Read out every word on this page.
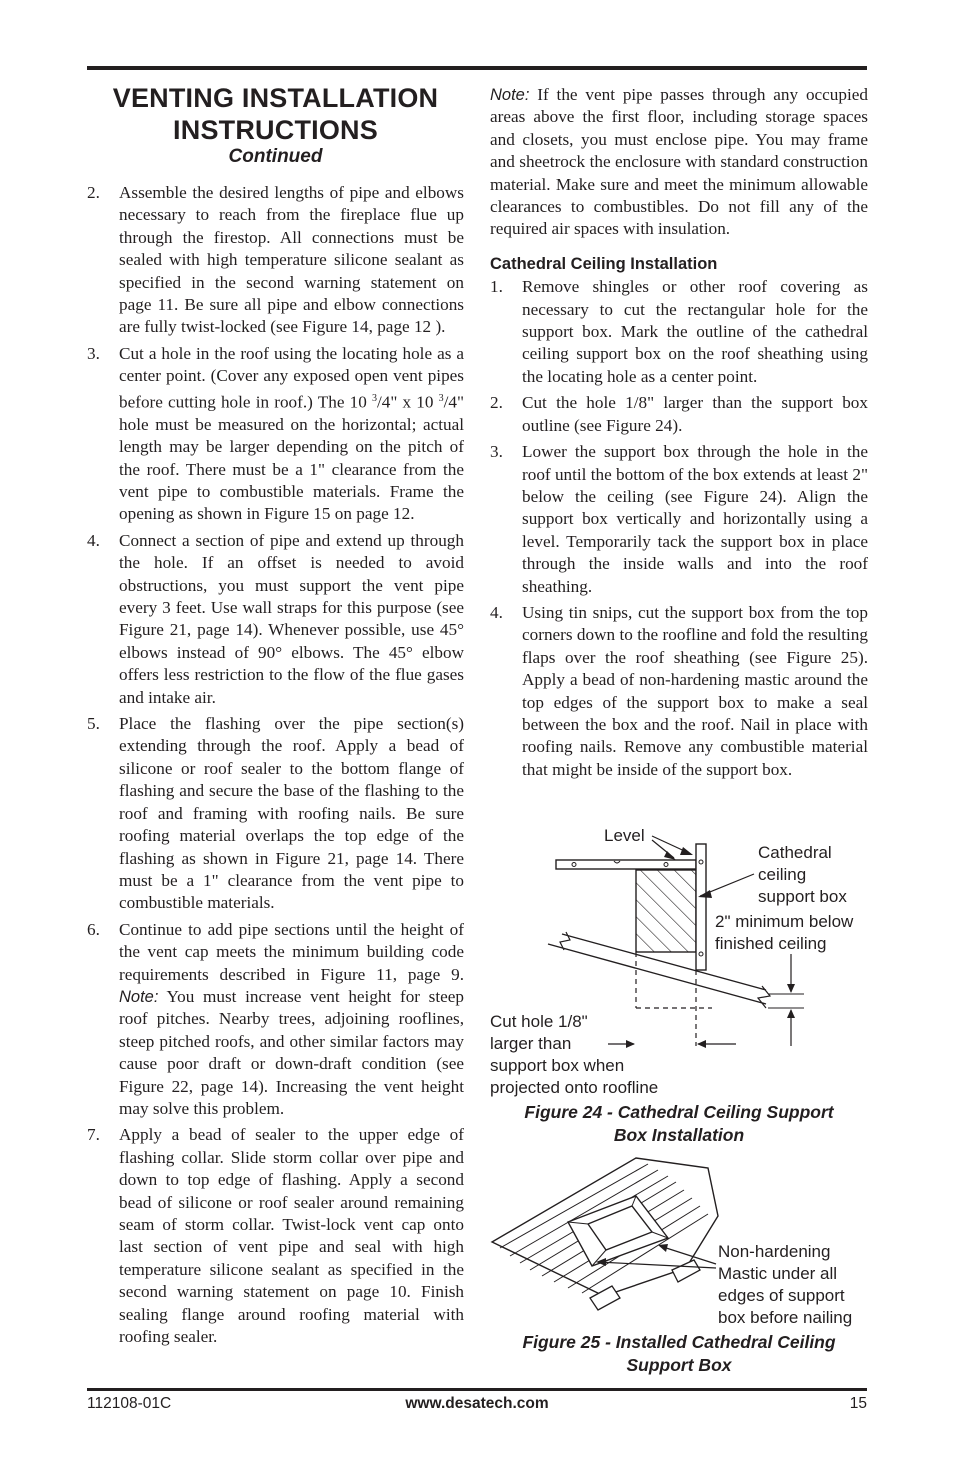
VENTING INSTALLATION
INSTRUCTIONS
Continued
2. Assemble the desired lengths of pipe and elbows necessary to reach from the fireplace flue up through the firestop. All connections must be sealed with high temperature silicone sealant as specified in the second warning statement on page 11. Be sure all pipe and elbow connections are fully twist-locked (see Figure 14, page 12 ).
3. Cut a hole in the roof using the locating hole as a center point. (Cover any exposed open vent pipes before cutting hole in roof.) The 10 $^3$/4" x 10 $^3$/4" hole must be measured on the horizontal; actual length may be larger depending on the pitch of the roof. There must be a 1" clearance from the vent pipe to combustible materials. Frame the opening as shown in Figure 15 on page 12.
4. Connect a section of pipe and extend up through the hole. If an offset is needed to avoid obstructions, you must support the vent pipe every 3 feet. Use wall straps for this purpose (see Figure 21, page 14). Whenever possible, use 45° elbows instead of 90° elbows. The 45° elbow offers less restriction to the flow of the flue gases and intake air.
5. Place the flashing over the pipe section(s) extending through the roof. Apply a bead of silicone or roof sealer to the bottom flange of flashing and secure the base of the flashing to the roof and framing with roofing nails. Be sure roofing material overlaps the top edge of the flashing as shown in Figure 21, page 14. There must be a 1" clearance from the vent pipe to combustible materials.
6. Continue to add pipe sections until the height of the vent cap meets the minimum building code requirements described in Figure 11, page 9. Note: You must increase vent height for steep roof pitches. Nearby trees, adjoining rooflines, steep pitched roofs, and other similar factors may cause poor draft or down-draft condition (see Figure 22, page 14). Increasing the vent height may solve this problem.
7. Apply a bead of sealer to the upper edge of flashing collar. Slide storm collar over pipe and down to top edge of flashing. Apply a second bead of silicone or roof sealer around remaining seam of storm collar. Twist-lock vent cap onto last section of vent pipe and seal with high temperature silicone sealant as specified in the second warning statement on page 10. Finish sealing flange around roofing material with roofing sealer.

Note: If the vent pipe passes through any occupied areas above the first floor, including storage spaces and closets, you must enclose pipe. You may frame and sheetrock the enclosure with standard construction material. Make sure and meet the minimum allowable clearances to combustibles. Do not fill any of the required air spaces with insulation.

Cathedral Ceiling Installation
1. Remove shingles or other roof covering as necessary to cut the rectangular hole for the support box. Mark the outline of the cathedral ceiling support box on the roof sheathing using the locating hole as a center point.
2. Cut the hole 1/8" larger than the support box outline (see Figure 24).
3. Lower the support box through the hole in the roof until the bottom of the box extends at least 2" below the ceiling (see Figure 24). Align the support box vertically and horizontally using a level. Temporarily tack the support box in place through the inside walls and into the roof sheathing.
4. Using tin snips, cut the support box from the top corners down to the roofline and fold the resulting flaps over the roof sheathing (see Figure 25). Apply a bead of non-hardening mastic around the top edges of the support box to make a seal between the box and the roof. Nail in place with roofing nails. Remove any combustible material that might be inside of the support box.
Level
Cathedral
ceiling
support box
2" minimum below
finished ceiling
Cut hole 1/8"
larger than
support box when
projected onto roofline
Figure 24 - Cathedral Ceiling Support
Box Installation
Non-hardening
Mastic under all
edges of support
box before nailing
Figure 25 - Installed Cathedral Ceiling
Support Box
112108-01C	www.desatech.com	15
